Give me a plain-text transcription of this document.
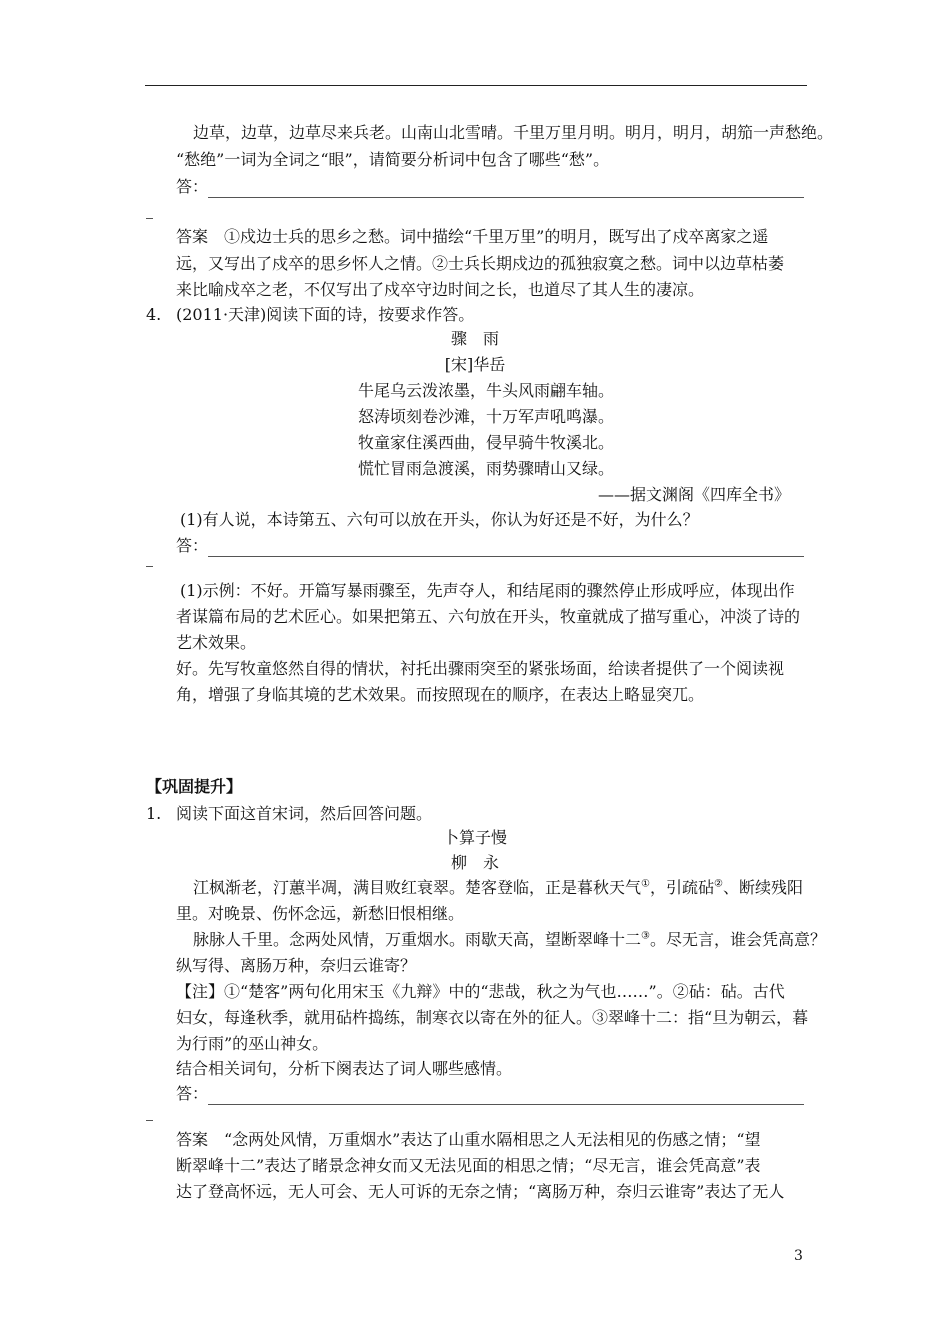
边草，边草，边草尽来兵老。山南山北雪晴。千里万里月明。明月，明月，胡笳一声愁绝。
“愁绝”一词为全词之“眼”，请简要分析词中包含了哪些“愁”。
答：
答案　①戍边士兵的思乡之愁。词中描绘“千里万里”的明月，既写出了戍卒离家之遥
远，又写出了戍卒的思乡怀人之情。②士兵长期戍边的孤独寂寞之愁。词中以边草枯萎
来比喻戍卒之老，不仅写出了戍卒守边时间之长，也道尽了其人生的凄凉。
4. (2011·天津)阅读下面的诗，按要求作答。
骤　雨
[宋]华岳
牛尾乌云泼浓墨，牛头风雨翩车轴。
怒涛顷刻卷沙滩，十万军声吼鸣瀑。
牧童家住溪西曲，侵早骑牛牧溪北。
慌忙冒雨急渡溪，雨势骤晴山又绿。
——据文渊阁《四库全书》
(1)有人说，本诗第五、六句可以放在开头，你认为好还是不好，为什么？
答：
(1)示例：不好。开篇写暴雨骤至，先声夺人，和结尾雨的骤然停止形成呼应，体现出作
者谋篇布局的艺术匠心。如果把第五、六句放在开头，牧童就成了描写重心，冲淡了诗的
艺术效果。
好。先写牧童悠然自得的情状，衬托出骤雨突至的紧张场面，给读者提供了一个阅读视
角，增强了身临其境的艺术效果。而按照现在的顺序，在表达上略显突兀。
【巩固提升】
1. 阅读下面这首宋词，然后回答问题。
卜算子慢
柳　永
江枫渐老，汀蕙半凋，满目败红衰翠。楚客登临，正是暮秋天气①，引疏砧②、断续残阳
里。对晚景、伤怀念远，新愁旧恨相继。
脉脉人千里。念两处风情，万重烟水。雨歇天高，望断翠峰十二③。尽无言，谁会凭高意？
纵写得、离肠万种，奈归云谁寄？
【注】①“楚客”两句化用宋玉《九辩》中的“悲哉，秋之为气也……”。②砧：砧。古代
妇女，每逢秋季，就用砧杵捣练，制寒衣以寄在外的征人。③翠峰十二：指“旦为朝云，暮
为行雨”的巫山神女。
结合相关词句，分析下阕表达了词人哪些感情。
答：
答案　“念两处风情，万重烟水”表达了山重水隔相思之人无法相见的伤感之情；“望
断翠峰十二”表达了睹景念神女而又无法见面的相思之情；“尽无言，谁会凭高意”表
达了登高怀远，无人可会、无人可诉的无奈之情；“离肠万种，奈归云谁寄”表达了无人
3
